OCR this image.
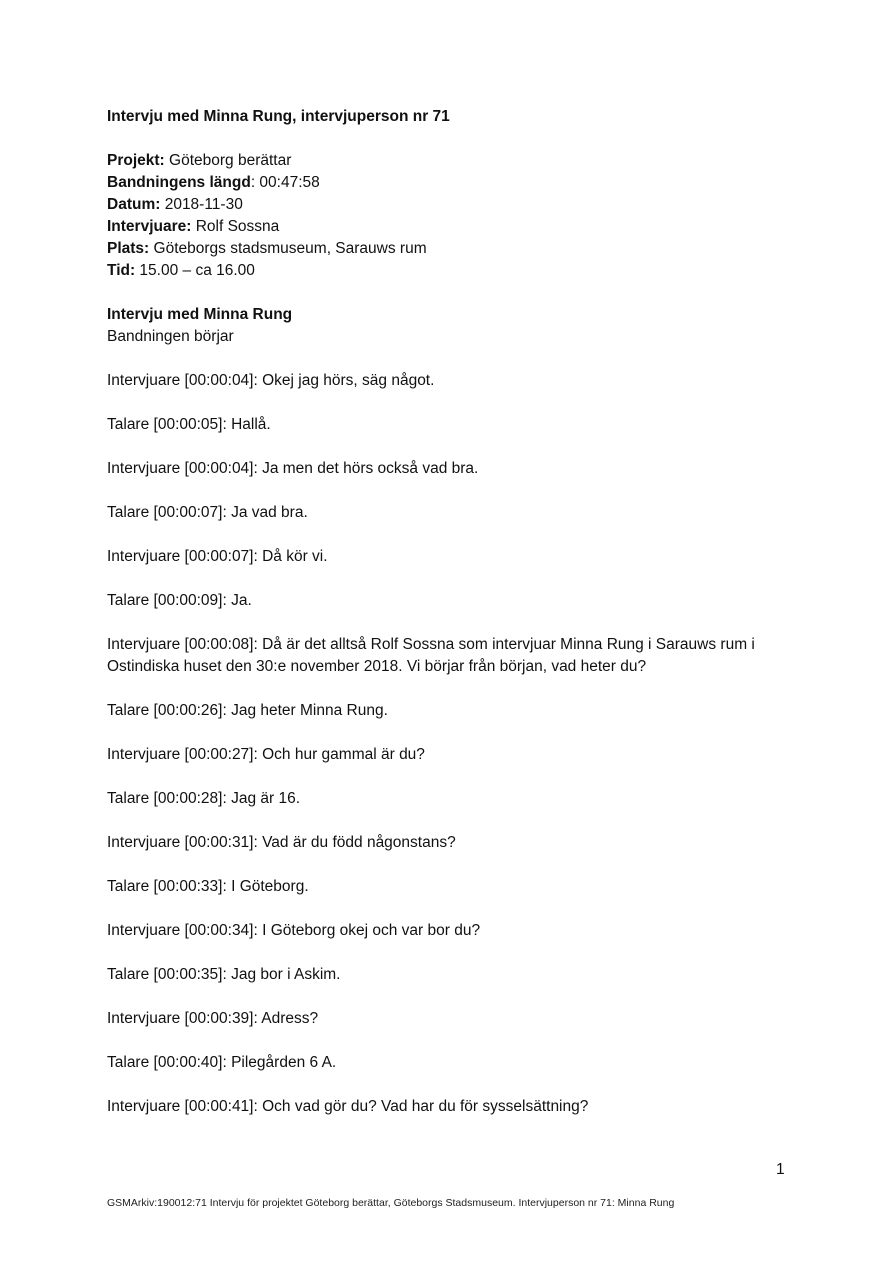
Intervju med Minna Rung, intervjuperson nr 71

Projekt: Göteborg berättar

Bandningens längd: 00:47:58

Datum: 2018-11-30

Intervjuare: Rolf Sossna

Plats: Göteborgs stadsmuseum, Sarauws rum

Tid: 15.00 – ca 16.00

Intervju med Minna Rung

Bandningen börjar

Intervjuare [00:00:04]: Okej jag hörs, säg något.

Talare [00:00:05]: Hallå.

Intervjuare [00:00:04]: Ja men det hörs också vad bra.

Talare [00:00:07]: Ja vad bra.

Intervjuare [00:00:07]: Då kör vi.

Talare [00:00:09]: Ja.

Intervjuare [00:00:08]: Då är det alltså Rolf Sossna som intervjuar Minna Rung i Sarauws rum i Ostindiska huset den 30:e november 2018. Vi börjar från början, vad heter du?

Talare [00:00:26]: Jag heter Minna Rung.

Intervjuare [00:00:27]: Och hur gammal är du?

Talare [00:00:28]: Jag är 16.

Intervjuare [00:00:31]: Vad är du född någonstans?

Talare [00:00:33]: I Göteborg.

Intervjuare [00:00:34]: I Göteborg okej och var bor du?

Talare [00:00:35]: Jag bor i Askim.

Intervjuare [00:00:39]: Adress?

Talare [00:00:40]: Pilegården 6 A.

Intervjuare [00:00:41]: Och vad gör du? Vad har du för sysselsättning?

1
GSMArkiv:190012:71 Intervju för projektet Göteborg berättar, Göteborgs Stadsmuseum. Intervjuperson nr 71: Minna Rung
